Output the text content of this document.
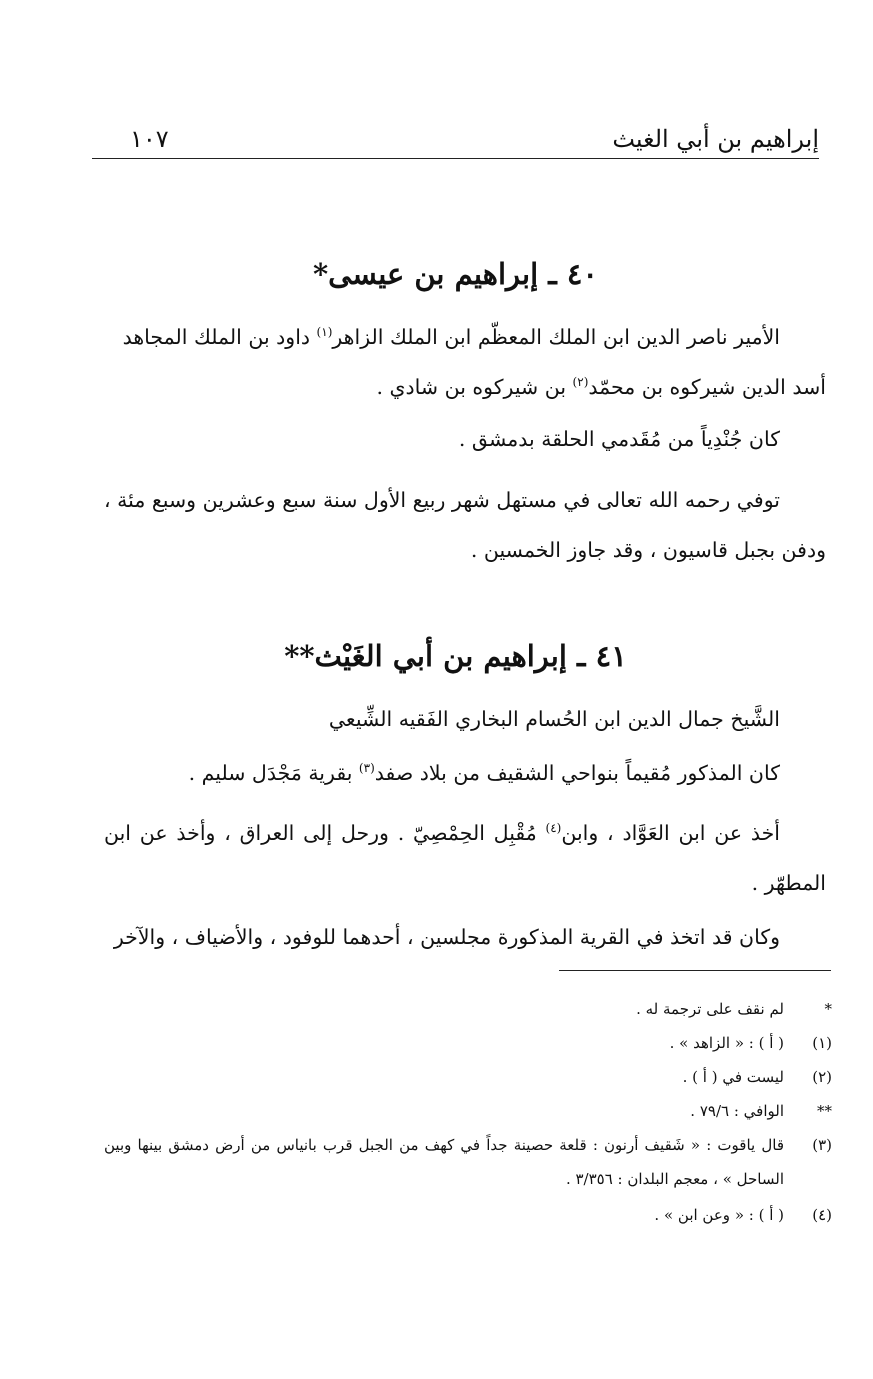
إبراهيم بن أبي الغيث
١٠٧
٤٠ ـ إبراهيم بن عيسى*
الأمير ناصر الدين ابن الملك المعظّم ابن الملك الزاهر$^{(١)}$ داود بن الملك المجاهد
أسد الدين شيركوه بن محمّد$^{(٢)}$ بن شيركوه بن شادي .
كان جُنْدِياً من مُقَدمي الحلقة بدمشق .
توفي رحمه الله تعالى في مستهل شهر ربيع الأول سنة سبع وعشرين وسبع مئة ، ودفن بجبل قاسيون ، وقد جاوز الخمسين .
٤١ ـ إبراهيم بن أبي الغَيْث**
الشَّيخ جمال الدين ابن الحُسام البخاري الفَقيه الشِّيعي
كان المذكور مُقيماً بنواحي الشقيف من بلاد صفد$^{(٣)}$ بقرية مَجْدَل سليم .
أخذ عن ابن العَوَّاد ، وابن$^{(٤)}$ مُقْبِل الحِمْصِيّ . ورحل إلى العراق ، وأخذ عن ابن المطهّر .
وكان قد اتخذ في القرية المذكورة مجلسين ، أحدهما للوفود ، والأضياف ، والآخر
*
لم نقف على ترجمة له .
(١)
( أ ) : « الزاهد » .
(٢)
ليست في ( أ ) .
**
الوافي : ٧٩/٦ .
(٣)
قال ياقوت : « شَقيف أرنون : قلعة حصينة جداً في كهف من الجبل قرب بانياس من أرض دمشق بينها وبين الساحل » ، معجم البلدان : ٣/٣٥٦ .
(٤)
( أ ) : « وعن ابن » .
